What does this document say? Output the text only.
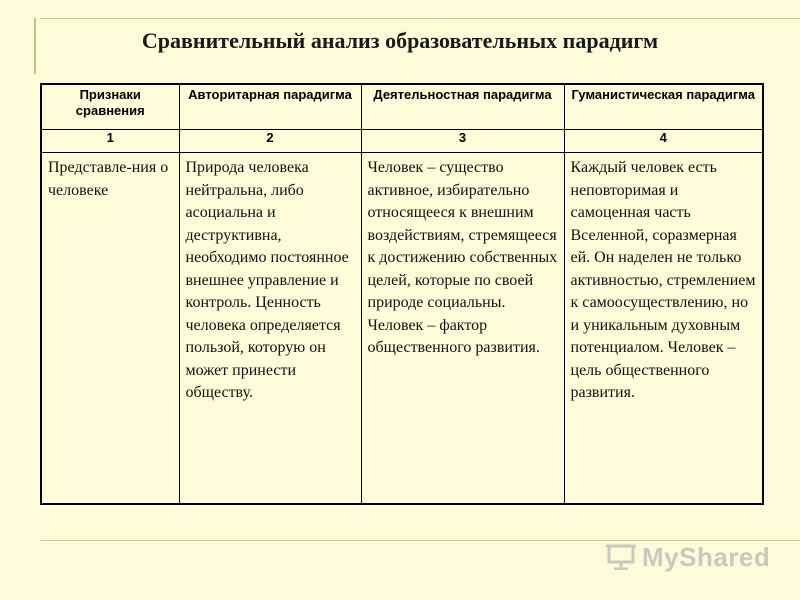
Сравнительный анализ образовательных парадигм
Признаки сравнения	Авторитарная парадигма	Деятельностная парадигма	Гуманистическая парадигма
1	2	3	4
Представле-ния о человеке	Природа человека нейтральна, либо асоциальна и деструктивна, необходимо постоянное внешнее управление и контроль. Ценность человека определяется пользой, которую он может принести обществу.	Человек – существо активное, избирательно относящееся к внешним воздействиям, стремящееся к достижению собственных целей, которые по своей природе социальны. Человек – фактор общественного развития.	Каждый человек есть неповторимая и самоценная часть Вселенной, соразмерная ей. Он наделен не только активностью, стремлением к самоосуществлению, но и уникальным духовным потенциалом. Человек – цель общественного развития.
MyShared
